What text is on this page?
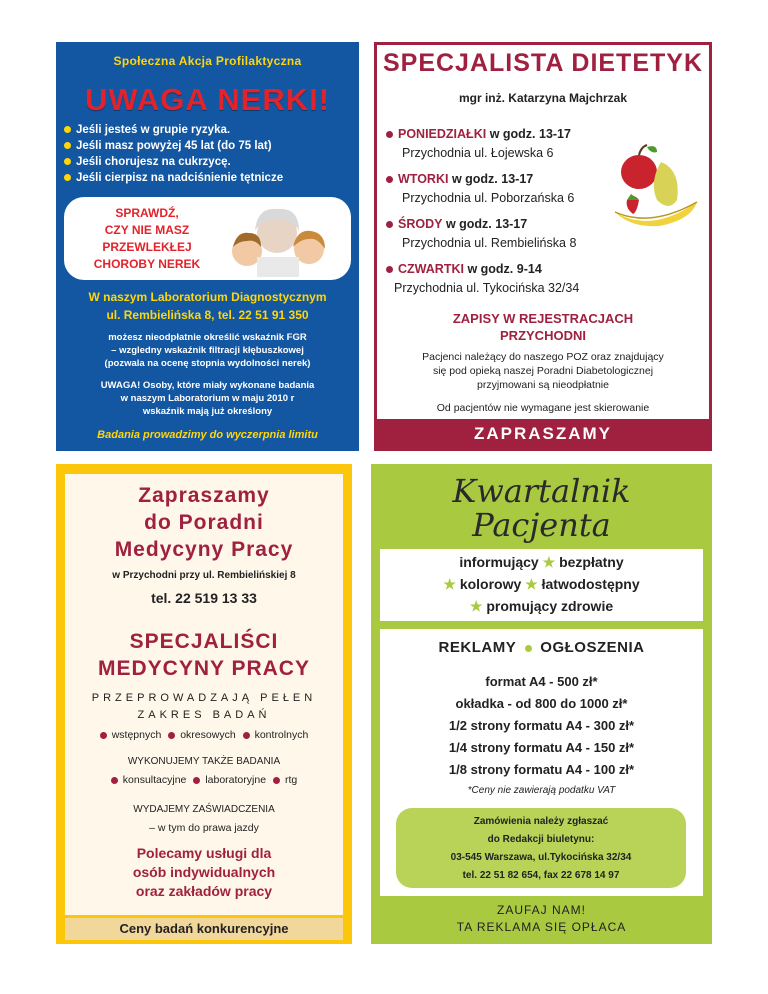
Społeczna Akcja Profilaktyczna
UWAGA NERKI!
Jeśli jesteś w grupie ryzyka.
Jeśli masz powyżej 45 lat (do 75 lat)
Jeśli chorujesz na cukrzycę.
Jeśli cierpisz na nadciśnienie tętnicze
SPRAWDŹ,
CZY NIE MASZ
PRZEWLEKŁEJ
CHOROBY NEREK
W naszym Laboratorium Diagnostycznym
ul. Rembielińska 8, tel. 22 51 91 350
możesz nieodpłatnie określić wskaźnik FGR
– wzgledny wskaźnik filtracji kłębuszkowej
(pozwala na ocenę stopnia wydolności nerek)
UWAGA! Osoby, które miały wykonane badania
w naszym Laboratorium w maju 2010 r
wskaźnik mają już określony
Badania prowadzimy do wyczerpnia limitu
SPECJALISTA DIETETYK
mgr inż. Katarzyna Majchrzak
PONIEDZIAŁKI w godz. 13-17
Przychodnia ul. Łojewska 6
WTORKI w godz. 13-17
Przychodnia ul. Poborzańska 6
ŚRODY w godz. 13-17
Przychodnia ul. Rembielińska 8
CZWARTKI w godz. 9-14
Przychodnia ul. Tykocińska 32/34
ZAPISY W REJESTRACJACH
PRZYCHODNI
Pacjenci należący do naszego POZ oraz znajdujący
się pod opieką naszej Poradni Diabetologicznej
przyjmowani są nieodpłatnie
Od pacjentów nie wymagane jest skierowanie
ZAPRASZAMY
Zapraszamy
do Poradni
Medycyny Pracy
w Przychodni przy ul. Rembielińskiej 8
tel. 22 519 13 33
SPECJALIŚCI
MEDYCYNY PRACY
PRZEPROWADZAJĄ PEŁEN
ZAKRES BADAŃ
wstępnych okresowych kontrolnych
WYKONUJEMY TAKŻE BADANIA
konsultacyjne laboratoryjne rtg
WYDAJEMY ZAŚWIADCZENIA
– w tym do prawa jazdy
Polecamy usługi dla
osób indywidualnych
oraz zakładów pracy
Ceny badań konkurencyjne
Kwartalnik
Pacjenta
informujący ★ bezpłatny
★ kolorowy ★ łatwodostępny
★ promujący zdrowie
REKLAMY OGŁOSZENIA
format A4 - 500 zł*
okładka - od 800 do 1000 zł*
1/2 strony formatu A4 - 300 zł*
1/4 strony formatu A4 - 150 zł*
1/8 strony formatu A4 - 100 zł*
*Ceny nie zawierają podatku VAT
Zamówienia należy zgłaszać
do Redakcji biuletynu:
03-545 Warszawa, ul.Tykocińska 32/34
tel. 22 51 82 654, fax 22 678 14 97
ZAUFAJ NAM!
TA REKLAMA SIĘ OPŁACA
